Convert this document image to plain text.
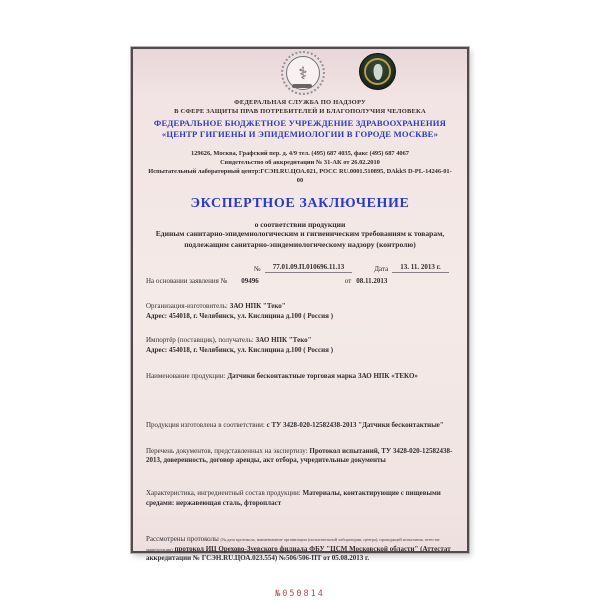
⚕
ФЕДЕРАЛЬНАЯ СЛУЖБА ПО НАДЗОРУ
В СФЕРЕ ЗАЩИТЫ ПРАВ ПОТРЕБИТЕЛЕЙ И БЛАГОПОЛУЧИЯ ЧЕЛОВЕКА
ФЕДЕРАЛЬНОЕ БЮДЖЕТНОЕ УЧРЕЖДЕНИЕ ЗДРАВООХРАНЕНИЯ
«ЦЕНТР ГИГИЕНЫ И ЭПИДЕМИОЛОГИИ В ГОРОДЕ МОСКВЕ»
129626, Москва, Графский пер. д. 4/9 тел. (495) 687 4035, факс (495) 687 4067
Свидетельство об аккредитации № 31-АК от 26.02.2010
Испытательный лабораторный центр:ГСЭН.RU.ЦОА.021, РОСС RU.0001.510895, DAkkS D-PL-14246-01-00
ЭКСПЕРТНОЕ ЗАКЛЮЧЕНИЕ
о соответствии продукции
Единым санитарно-эпидемиологическим и гигиеническим требованиям к товарам,
подлежащим санитарно-эпидемиологическому надзору (контролю)
№	77.01.09.П.010696.11.13	Дата	13. 11. 2013 г.
На основании заявления № 09496	от 08.11.2013
Организация-изготовитель: ЗАО НПК "Теко"
Адрес: 454018, г. Челябинск, ул. Кислицина д.100 ( Россия )
Импортёр (поставщик), получатель: ЗАО НПК "Теко"
Адрес: 454018, г. Челябинск, ул. Кислицина д.100 ( Россия )
Наименование продукции: Датчики бесконтактные торговая марка ЗАО НПК «ТЕКО»
Продукция изготовлена в соответствии: с ТУ 3428-020-12582438-2013 "Датчики бесконтактные"
Перечень документов, представленных на экспертизу: Протокол испытаний, ТУ 3428-020-12582438-2013, доверенность, договор аренды, акт отбора, учредительные документы
Характеристика, ингредиентный состав продукции: Материалы, контактирующие с пищевыми средами: нержавеющая сталь, фторопласт
Рассмотрены протоколы (№,дата протокола, наименование организации (испытательной лаборатории, центра), проводящей испытания, аттестат аккредитации) протокол ИЦ Орехово-Зуевского филиала ФБУ "ЦСМ Московской области" (Аттестат аккредитации № ГСЭН.RU.ЦОА.023.554) №506/506-ПТ от 05.08.2013 г.
№050814
